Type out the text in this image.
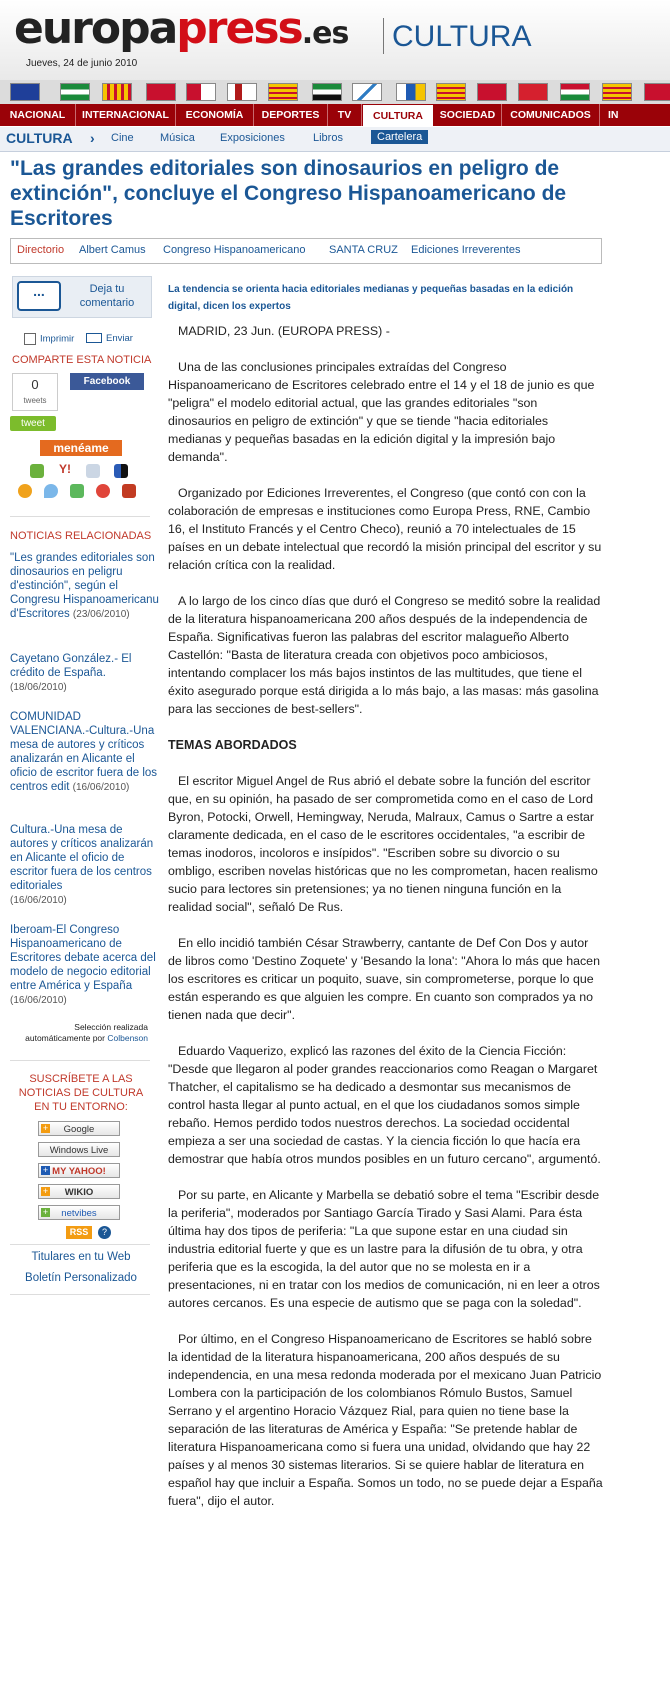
europapress.es CULTURA
Jueves, 24 de junio 2010
NACIONAL	INTERNACIONAL	ECONOMÍA	DEPORTES	TV	CULTURA	SOCIEDAD	COMUNICADOS	IN
CULTURA › Cine Música Exposiciones	Libros	Cartelera
"Las grandes editoriales son dinosaurios en peligro de extinción", concluye el Congreso Hispanoamericano de Escritores
Directorio Albert Camus Congreso Hispanoamericano SANTA CRUZ Ediciones Irreverentes
...	Deja tu comentario
Imprimir	Enviar
COMPARTE ESTA NOTICIA
0
tweets
tweet
Facebook
menéame
Y!
NOTICIAS RELACIONADAS
"Les grandes editoriales son dinosaurios en peligru d'estinción", según el Congresu Hispanoamericanu d'Escritores (23/06/2010)
Cayetano González.- El crédito de España.
(18/06/2010)
COMUNIDAD VALENCIANA.-Cultura.-Una mesa de autores y críticos analizarán en Alicante el oficio de escritor fuera de los centros edit (16/06/2010)
Cultura.-Una mesa de autores y críticos analizarán en Alicante el oficio de escritor fuera de los centros editoriales
(16/06/2010)
Iberoam-El Congreso Hispanoamericano de Escritores debate acerca del modelo de negocio editorial entre América y España (16/06/2010)
Selección realizada automáticamente por Colbenson
SUSCRÍBETE A LAS NOTICIAS DE CULTURA EN TU ENTORNO:
+ Google
Windows Live
+ MY YAHOO!
+ WIKIO
+ netvibes
RSS	?
Titulares en tu Web
Boletín Personalizado
La tendencia se orienta hacia editoriales medianas y pequeñas basadas en la edición digital, dicen los expertos

MADRID, 23 Jun. (EUROPA PRESS) -

Una de las conclusiones principales extraídas del Congreso Hispanoamericano de Escritores celebrado entre el 14 y el 18 de junio es que "peligra" el modelo editorial actual, que las grandes editoriales "son dinosaurios en peligro de extinción" y que se tiende "hacia editoriales medianas y pequeñas basadas en la edición digital y la impresión bajo demanda".

Organizado por Ediciones Irreverentes, el Congreso (que contó con con la colaboración de empresas e instituciones como Europa Press, RNE, Cambio 16, el Instituto Francés y el Centro Checo), reunió a 70 intelectuales de 15 países en un debate intelectual que recordó la misión principal del escritor y su relación crítica con la realidad.

A lo largo de los cinco días que duró el Congreso se meditó sobre la realidad de la literatura hispanoamericana 200 años después de la independencia de España. Significativas fueron las palabras del escritor malagueño Alberto Castellón: "Basta de literatura creada con objetivos poco ambiciosos, intentando complacer los más bajos instintos de las multitudes, que tiene el éxito asegurado porque está dirigida a lo más bajo, a las masas: más gasolina para las secciones de best-sellers".

TEMAS ABORDADOS

El escritor Miguel Angel de Rus abrió el debate sobre la función del escritor que, en su opinión, ha pasado de ser comprometida como en el caso de Lord Byron, Potocki, Orwell, Hemingway, Neruda, Malraux, Camus o Sartre a estar claramente dedicada, en el caso de le escritores occidentales, "a escribir de temas inodoros, incoloros e insípidos". "Escriben sobre su divorcio o su ombligo, escriben novelas históricas que no les comprometan, hacen realismo sucio para lectores sin pretensiones; ya no tienen ninguna función en la realidad social", señaló De Rus.

En ello incidió también César Strawberry, cantante de Def Con Dos y autor de libros como 'Destino Zoquete' y 'Besando la lona': "Ahora lo más que hacen los escritores es criticar un poquito, suave, sin comprometerse, porque lo que están esperando es que alguien les compre. En cuanto son comprados ya no tienen nada que decir".

Eduardo Vaquerizo, explicó las razones del éxito de la Ciencia Ficción: "Desde que llegaron al poder grandes reaccionarios como Reagan o Margaret Thatcher, el capitalismo se ha dedicado a desmontar sus mecanismos de control hasta llegar al punto actual, en el que los ciudadanos somos simple rebaño. Hemos perdido todos nuestros derechos. La sociedad occidental empieza a ser una sociedad de castas. Y la ciencia ficción lo que hacía era demostrar que había otros mundos posibles en un futuro cercano", argumentó.

Por su parte, en Alicante y Marbella se debatió sobre el tema "Escribir desde la periferia", moderados por Santiago García Tirado y Sasi Alami. Para ésta última hay dos tipos de periferia: "La que supone estar en una ciudad sin industria editorial fuerte y que es un lastre para la difusión de tu obra, y otra periferia que es la escogida, la del autor que no se molesta en ir a presentaciones, ni en tratar con los medios de comunicación, ni en leer a otros autores cercanos. Es una especie de autismo que se paga con la soledad".

Por último, en el Congreso Hispanoamericano de Escritores se habló sobre la identidad de la literatura hispanoamericana, 200 años después de su independencia, en una mesa redonda moderada por el mexicano Juan Patricio Lombera con la participación de los colombianos Rómulo Bustos, Samuel Serrano y el argentino Horacio Vázquez Rial, para quien no tiene base la separación de las literaturas de América y España: "Se pretende hablar de literatura Hispanoamericana como si fuera una unidad, olvidando que hay 22 países y al menos 30 sistemas literarios. Si se quiere hablar de literatura en español hay que incluir a España. Somos un todo, no se puede dejar a España fuera", dijo el autor.
